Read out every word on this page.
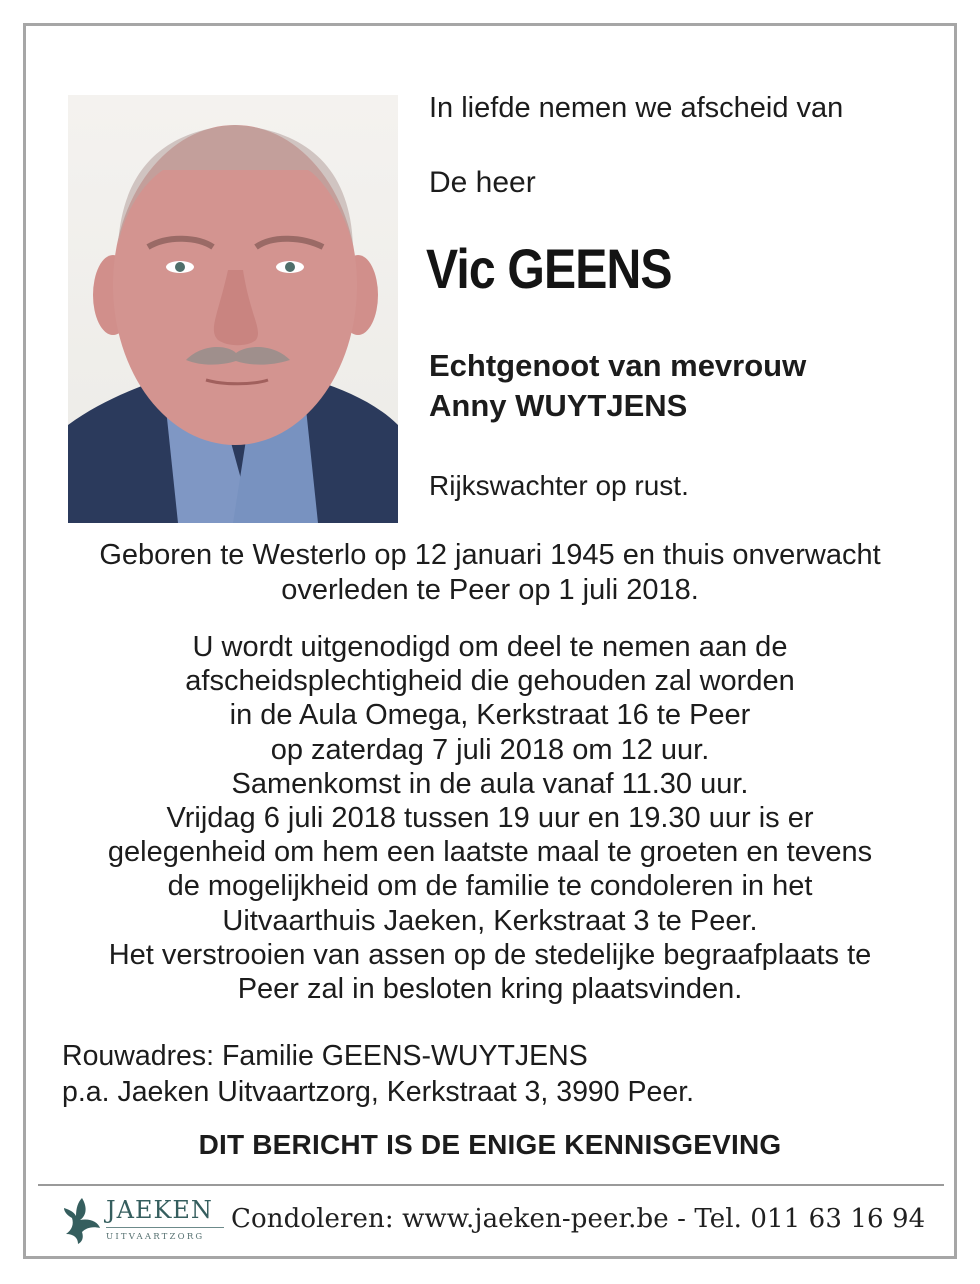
In liefde nemen we afscheid van
De heer
Vic GEENS
Echtgenoot van mevrouw
Anny WUYTJENS
Rijkswachter op rust.
Geboren te Westerlo op 12 januari 1945 en thuis onverwacht
overleden te Peer op 1 juli 2018.
U wordt uitgenodigd om deel te nemen aan de
afscheidsplechtigheid die gehouden zal worden
in de Aula Omega, Kerkstraat 16 te Peer
op zaterdag 7 juli 2018 om 12 uur.
Samenkomst in de aula vanaf 11.30 uur.
Vrijdag 6 juli 2018 tussen 19 uur en 19.30 uur is er
gelegenheid om hem een laatste maal te groeten en tevens
de mogelijkheid om de familie te condoleren in het
Uitvaarthuis Jaeken, Kerkstraat 3 te Peer.
Het verstrooien van assen op de stedelijke begraafplaats te
Peer zal in besloten kring plaatsvinden.
Rouwadres: Familie GEENS-WUYTJENS
p.a. Jaeken Uitvaartzorg, Kerkstraat 3, 3990 Peer.
DIT BERICHT IS DE ENIGE KENNISGEVING
JAEKEN
UITVAARTZORG
Condoleren: www.jaeken-peer.be - Tel. 011 63 16 94
